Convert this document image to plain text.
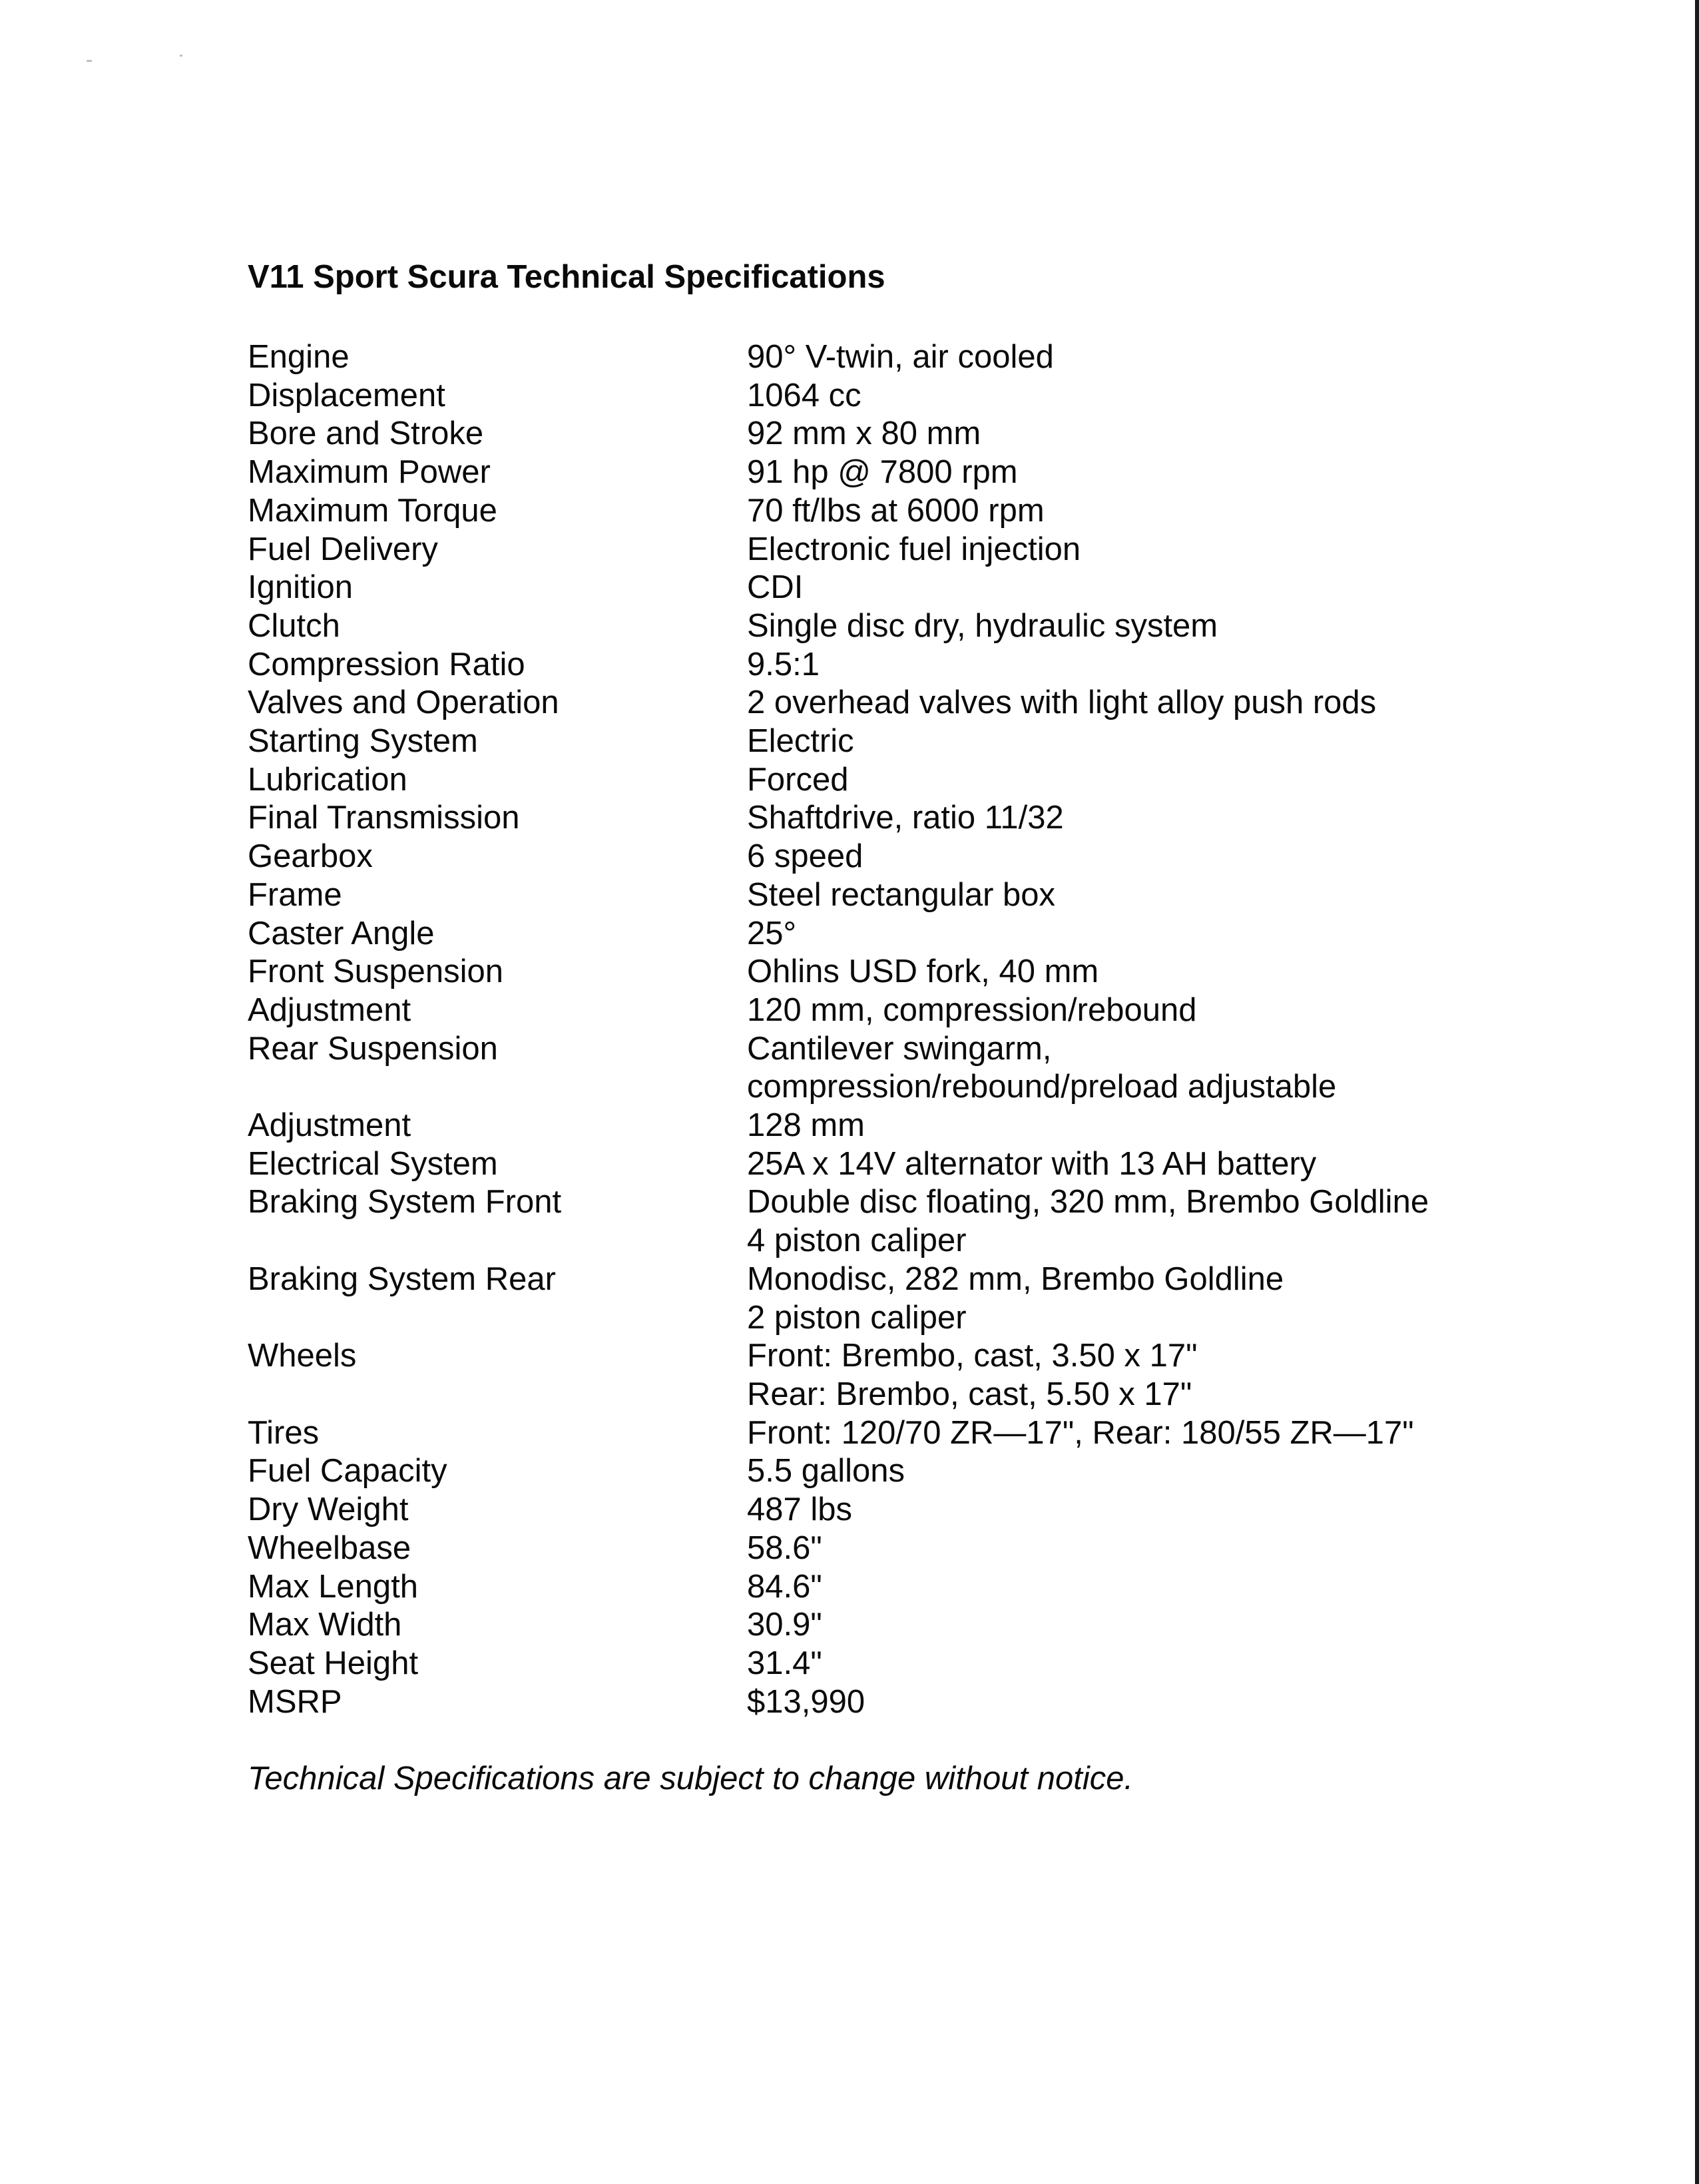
V11 Sport Scura Technical Specifications
Engine	90° V-twin, air cooled
Displacement	1064 cc
Bore and Stroke	92 mm x 80 mm
Maximum Power	91 hp @ 7800 rpm
Maximum Torque	70 ft/lbs at 6000 rpm
Fuel Delivery	Electronic fuel injection
Ignition	CDI
Clutch	Single disc dry, hydraulic system
Compression Ratio	9.5:1
Valves and Operation	2 overhead valves with light alloy push rods
Starting System	Electric
Lubrication	Forced
Final Transmission	Shaftdrive, ratio 11/32
Gearbox	6 speed
Frame	Steel rectangular box
Caster Angle	25°
Front Suspension	Ohlins USD fork, 40 mm
Adjustment	120 mm, compression/rebound
Rear Suspension	Cantilever swingarm,
compression/rebound/preload adjustable
Adjustment	128 mm
Electrical System	25A x 14V alternator with 13 AH battery
Braking System Front	Double disc floating, 320 mm, Brembo Goldline
4 piston caliper
Braking System Rear	Monodisc, 282 mm, Brembo Goldline
2 piston caliper
Wheels	Front: Brembo, cast, 3.50 x 17"
Rear: Brembo, cast, 5.50 x 17"
Tires	Front: 120/70 ZR—17", Rear: 180/55 ZR—17"
Fuel Capacity	5.5 gallons
Dry Weight	487 lbs
Wheelbase	58.6"
Max Length	84.6"
Max Width	30.9"
Seat Height	31.4"
MSRP	$13,990
Technical Specifications are subject to change without notice.
